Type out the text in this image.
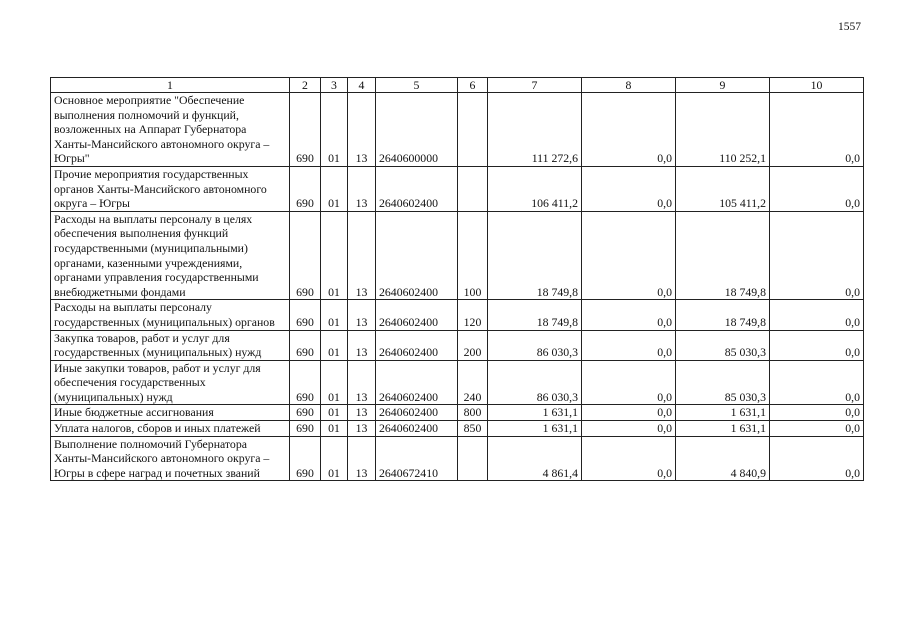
1557
1	2	3	4	5	6	7	8	9	10
Основное мероприятие "Обеспечение выполнения полномочий и функций, возложенных на Аппарат Губернатора Ханты-Мансийского автономного округа – Югры"	690	01	13	2640600000		111 272,6	0,0	110 252,1	0,0
Прочие мероприятия государственных органов Ханты-Мансийского автономного округа – Югры	690	01	13	2640602400		106 411,2	0,0	105 411,2	0,0
Расходы на выплаты персоналу в целях обеспечения выполнения функций государственными (муниципальными) органами, казенными учреждениями, органами управления государственными внебюджетными фондами	690	01	13	2640602400	100	18 749,8	0,0	18 749,8	0,0
Расходы на выплаты персоналу государственных (муниципальных) органов	690	01	13	2640602400	120	18 749,8	0,0	18 749,8	0,0
Закупка товаров, работ и услуг для государственных (муниципальных) нужд	690	01	13	2640602400	200	86 030,3	0,0	85 030,3	0,0
Иные закупки товаров, работ и услуг для обеспечения государственных (муниципальных) нужд	690	01	13	2640602400	240	86 030,3	0,0	85 030,3	0,0
Иные бюджетные ассигнования	690	01	13	2640602400	800	1 631,1	0,0	1 631,1	0,0
Уплата налогов, сборов и иных платежей	690	01	13	2640602400	850	1 631,1	0,0	1 631,1	0,0
Выполнение полномочий Губернатора Ханты-Мансийского автономного округа – Югры в сфере наград и почетных званий	690	01	13	2640672410		4 861,4	0,0	4 840,9	0,0
